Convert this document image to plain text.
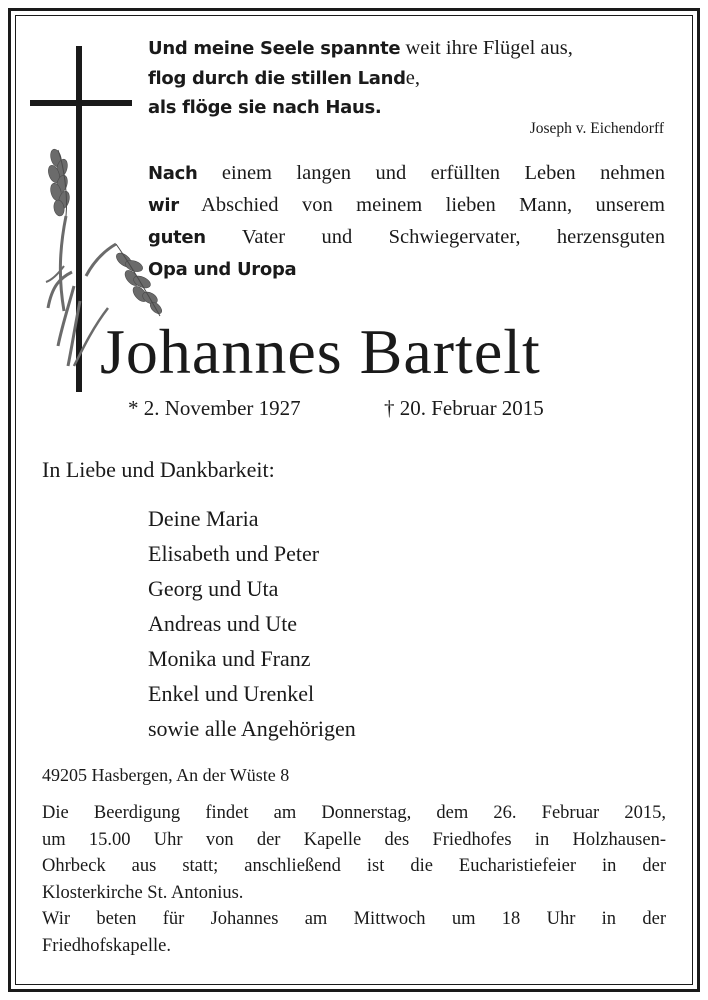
Und meine Seele spannte weit ihre Flügel aus,
flog durch die stillen Lande,
als flöge sie nach Haus.
Joseph v. Eichendorff
Nach einem langen und erfüllten Leben nehmen
wir Abschied von meinem lieben Mann, unserem
guten Vater und Schwiegervater, herzensguten
Opa und Uropa
Johannes Bartelt
* 2. November 1927	† 20. Februar 2015
In Liebe und Dankbarkeit:
Deine Maria
Elisabeth und Peter
Georg und Uta
Andreas und Ute
Monika und Franz
Enkel und Urenkel
sowie alle Angehörigen
49205 Hasbergen, An der Wüste 8
Die Beerdigung findet am Donnerstag, dem 26. Februar 2015,
um 15.00 Uhr von der Kapelle des Friedhofes in Holzhausen-
Ohrbeck aus statt; anschließend ist die Eucharistiefeier in der
Klosterkirche St. Antonius.
Wir beten für Johannes am Mittwoch um 18 Uhr in der
Friedhofskapelle.
